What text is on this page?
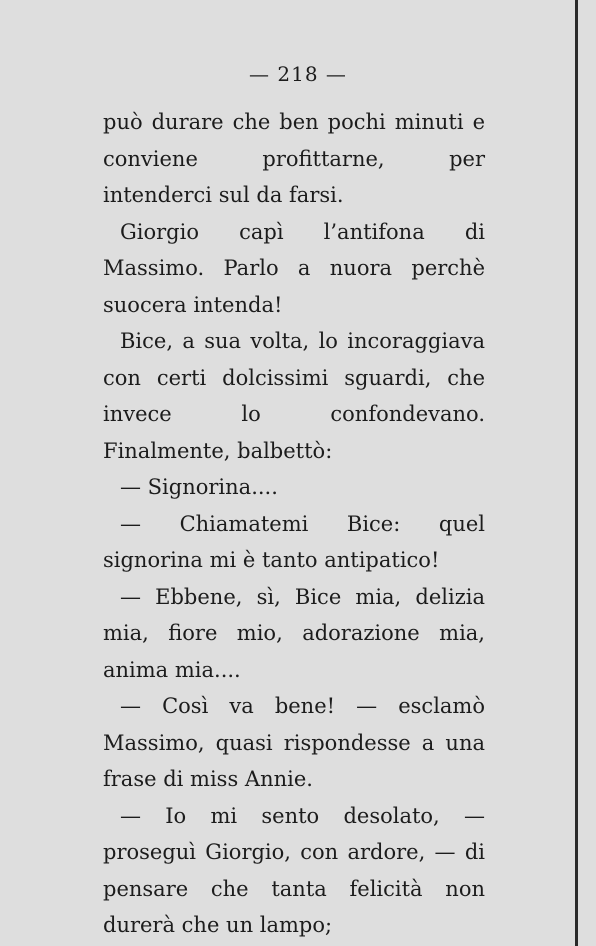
— 218 —

può durare che ben pochi minuti e conviene profittarne, per intenderci sul da farsi.

Giorgio capì l’antifona di Massimo. Parlo a nuora perchè suocera intenda!

Bice, a sua volta, lo incoraggiava con certi dolcissimi sguardi, che invece lo confondevano. Finalmente, balbettò:

— Signorina....

— Chiamatemi Bice: quel signorina mi è tanto antipatico!

— Ebbene, sì, Bice mia, delizia mia, fiore mio, adorazione mia, anima mia....

— Così va bene! — esclamò Massimo, quasi rispondesse a una frase di miss Annie.

— Io mi sento desolato, — proseguì Giorgio, con ardore, — di pensare che tanta felicità non durerà che un lampo;
